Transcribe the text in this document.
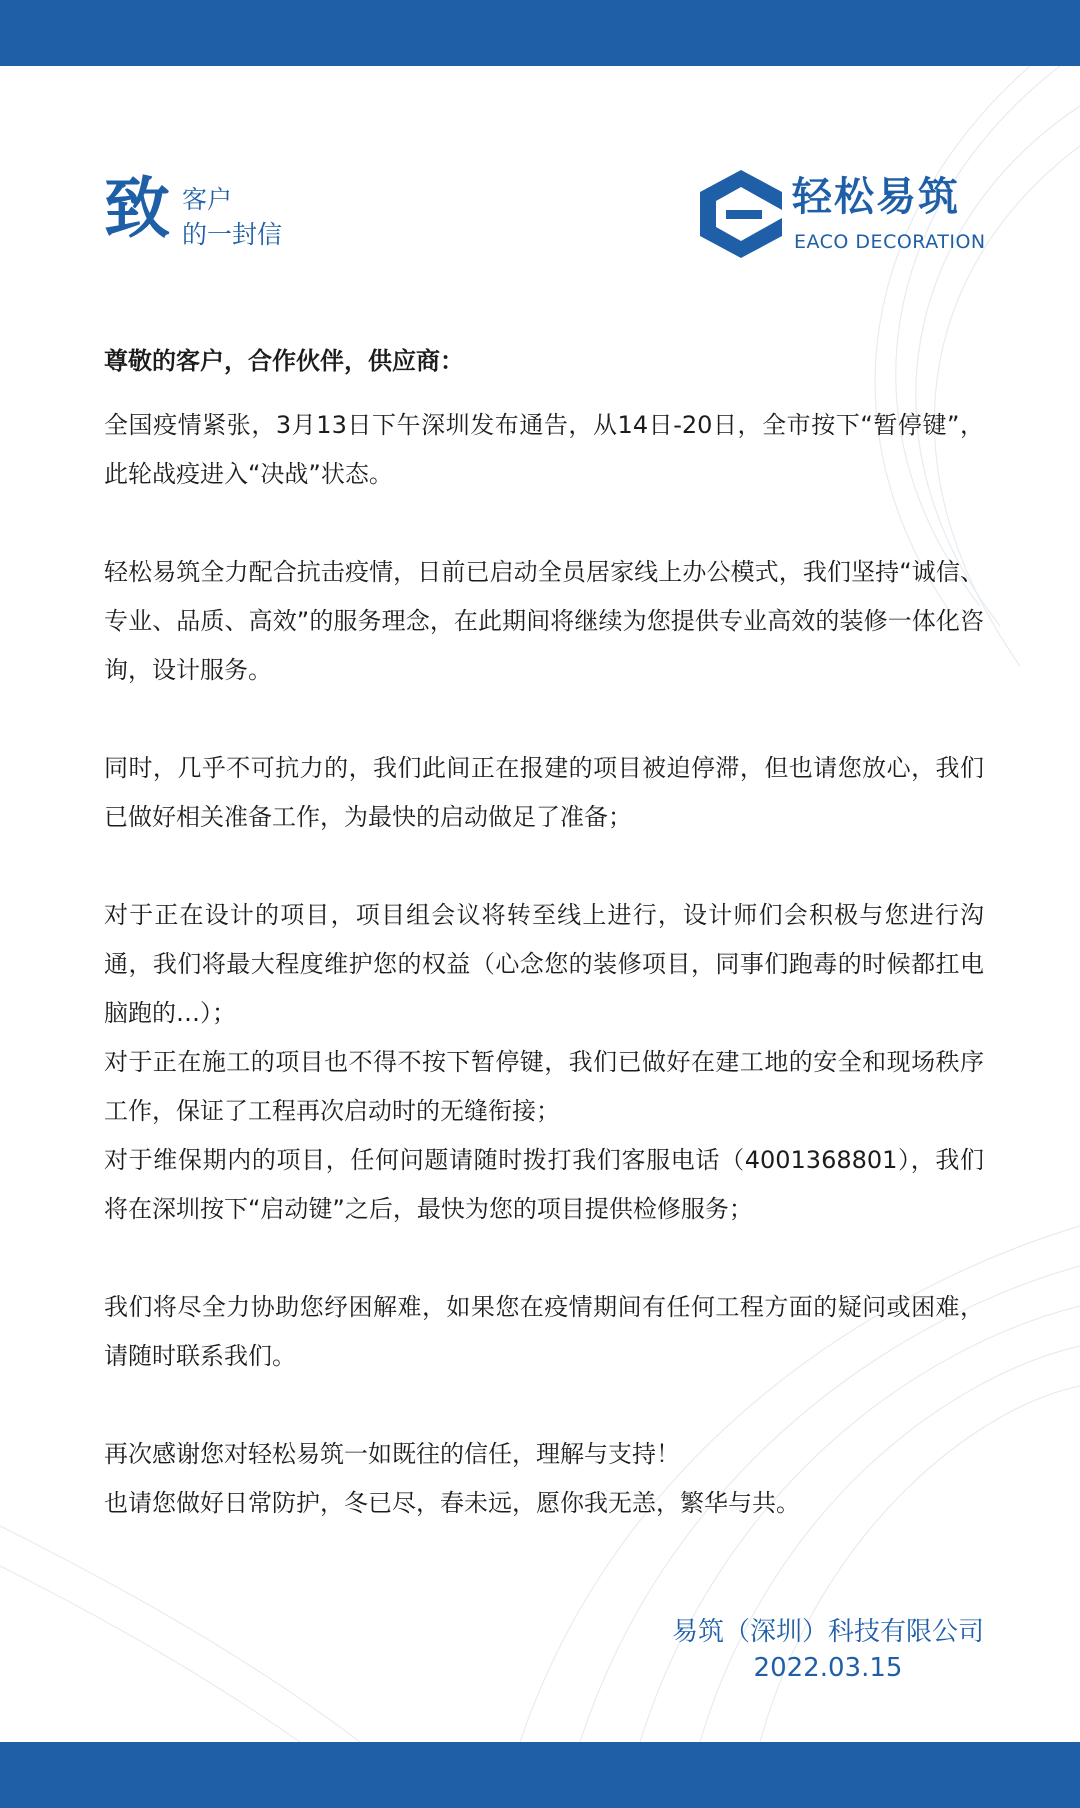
致 客户
的一封信
轻松易筑
EACO DECORATION

尊敬的客户，合作伙伴，供应商：

全国疫情紧张，3月13日下午深圳发布通告，从14日-20日，全市按下“暂停键”，此轮战疫进入“决战”状态。

轻松易筑全力配合抗击疫情，日前已启动全员居家线上办公模式，我们坚持“诚信、专业、品质、高效”的服务理念，在此期间将继续为您提供专业高效的装修一体化咨询，设计服务。

同时，几乎不可抗力的，我们此间正在报建的项目被迫停滞，但也请您放心，我们已做好相关准备工作，为最快的启动做足了准备；

对于正在设计的项目，项目组会议将转至线上进行，设计师们会积极与您进行沟通，我们将最大程度维护您的权益（心念您的装修项目，同事们跑毒的时候都扛电脑跑的…）；

对于正在施工的项目也不得不按下暂停键，我们已做好在建工地的安全和现场秩序工作，保证了工程再次启动时的无缝衔接；

对于维保期内的项目，任何问题请随时拨打我们客服电话（4001368801），我们将在深圳按下“启动键”之后，最快为您的项目提供检修服务；

我们将尽全力协助您纾困解难，如果您在疫情期间有任何工程方面的疑问或困难，请随时联系我们。

再次感谢您对轻松易筑一如既往的信任，理解与支持！

也请您做好日常防护，冬已尽，春未远，愿你我无恙，繁华与共。

易筑（深圳）科技有限公司
2022.03.15
